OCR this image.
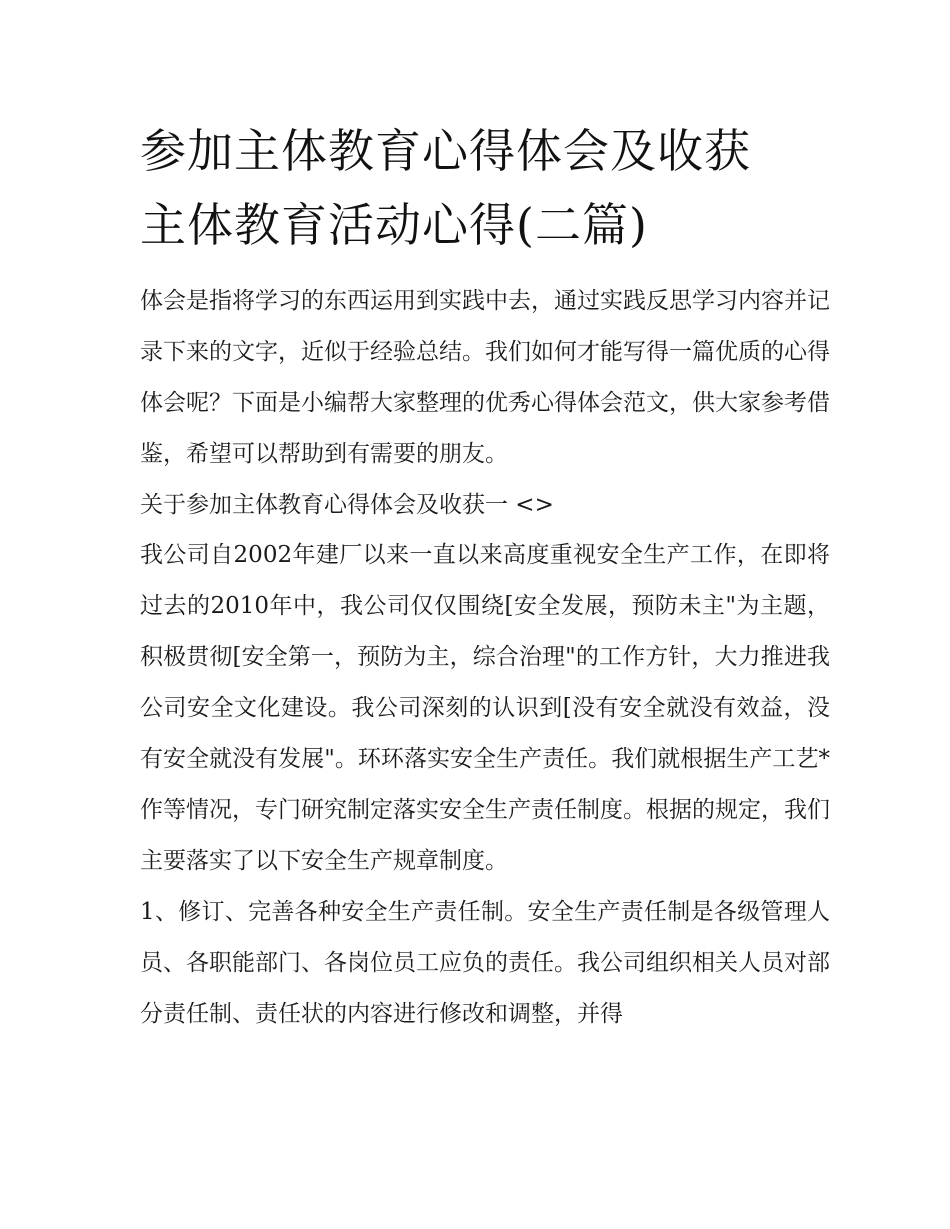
参加主体教育心得体会及收获
主体教育活动心得(二篇)

体会是指将学习的东西运用到实践中去，通过实践反思学习内容并记录下来的文字，近似于经验总结。我们如何才能写得一篇优质的心得体会呢？下面是小编帮大家整理的优秀心得体会范文，供大家参考借鉴，希望可以帮助到有需要的朋友。

关于参加主体教育心得体会及收获一 <>

我公司自2002年建厂以来一直以来高度重视安全生产工作，在即将过去的2010年中，我公司仅仅围绕[安全发展，预防未主"为主题，积极贯彻[安全第一，预防为主，综合治理"的工作方针，大力推进我公司安全文化建设。我公司深刻的认识到[没有安全就没有效益，没有安全就没有发展"。环环落实安全生产责任。我们就根据生产工艺*作等情况，专门研究制定落实安全生产责任制度。根据的规定，我们主要落实了以下安全生产规章制度。

1、修订、完善各种安全生产责任制。安全生产责任制是各级管理人员、各职能部门、各岗位员工应负的责任。我公司组织相关人员对部分责任制、责任状的内容进行修改和调整，并得
